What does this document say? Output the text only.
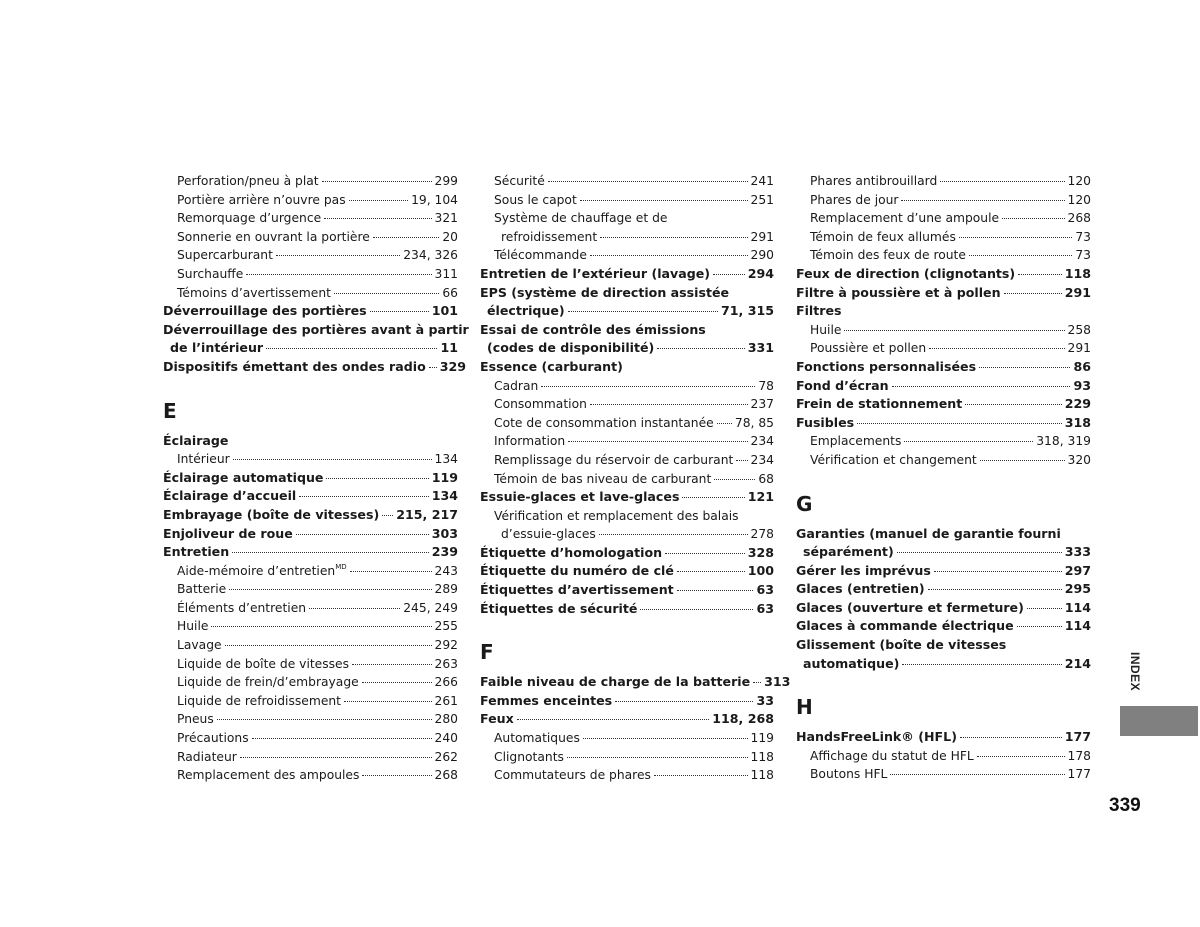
Perforation/pneu à plat	299
Portière arrière n’ouvre pas	19, 104
Remorquage d’urgence	321
Sonnerie en ouvrant la portière	20
Supercarburant	234, 326
Surchauffe	311
Témoins d’avertissement	66
Déverrouillage des portières	101
Déverrouillage des portières avant à partir
de l’intérieur	11
Dispositifs émettant des ondes radio 329
E
Éclairage
Intérieur	134
Éclairage automatique	119
Éclairage d’accueil	134
Embrayage (boîte de vitesses) 215, 217
Enjoliveur de roue	303
Entretien	239
Aide-mémoire d’entretien$^{MD}$	243
Batterie	289
Éléments d’entretien	245, 249
Huile	255
Lavage	292
Liquide de boîte de vitesses	263
Liquide de frein/d’embrayage	266
Liquide de refroidissement	261
Pneus	280
Précautions	240
Radiateur	262
Remplacement des ampoules	268
Sécurité	241
Sous le capot	251
Système de chauffage et de
refroidissement	291
Télécommande	290
Entretien de l’extérieur (lavage)	294
EPS (système de direction assistée
électrique)	71, 315
Essai de contrôle des émissions
(codes de disponibilité)	331
Essence (carburant)
Cadran	78
Consommation	237
Cote de consommation instantanée 78, 85
Information	234
Remplissage du réservoir de carburant 234
Témoin de bas niveau de carburant	68
Essuie-glaces et lave-glaces	121
Vérification et remplacement des balais
d’essuie-glaces	278
Étiquette d’homologation	328
Étiquette du numéro de clé	100
Étiquettes d’avertissement	63
Étiquettes de sécurité	63
F
Faible niveau de charge de la batterie 313
Femmes enceintes	33
Feux	118, 268
Automatiques	119
Clignotants	118
Commutateurs de phares	118
Phares antibrouillard	120
Phares de jour	120
Remplacement d’une ampoule	268
Témoin de feux allumés	73
Témoin des feux de route	73
Feux de direction (clignotants)	118
Filtre à poussière et à pollen	291
Filtres
Huile	258
Poussière et pollen	291
Fonctions personnalisées	86
Fond d’écran	93
Frein de stationnement	229
Fusibles	318
Emplacements	318, 319
Vérification et changement	320
G
Garanties (manuel de garantie fourni
séparément)	333
Gérer les imprévus	297
Glaces (entretien)	295
Glaces (ouverture et fermeture)	114
Glaces à commande électrique	114
Glissement (boîte de vitesses
automatique)	214
H
HandsFreeLink® (HFL)	177
Affichage du statut de HFL	178
Boutons HFL	177
INDEX
339
